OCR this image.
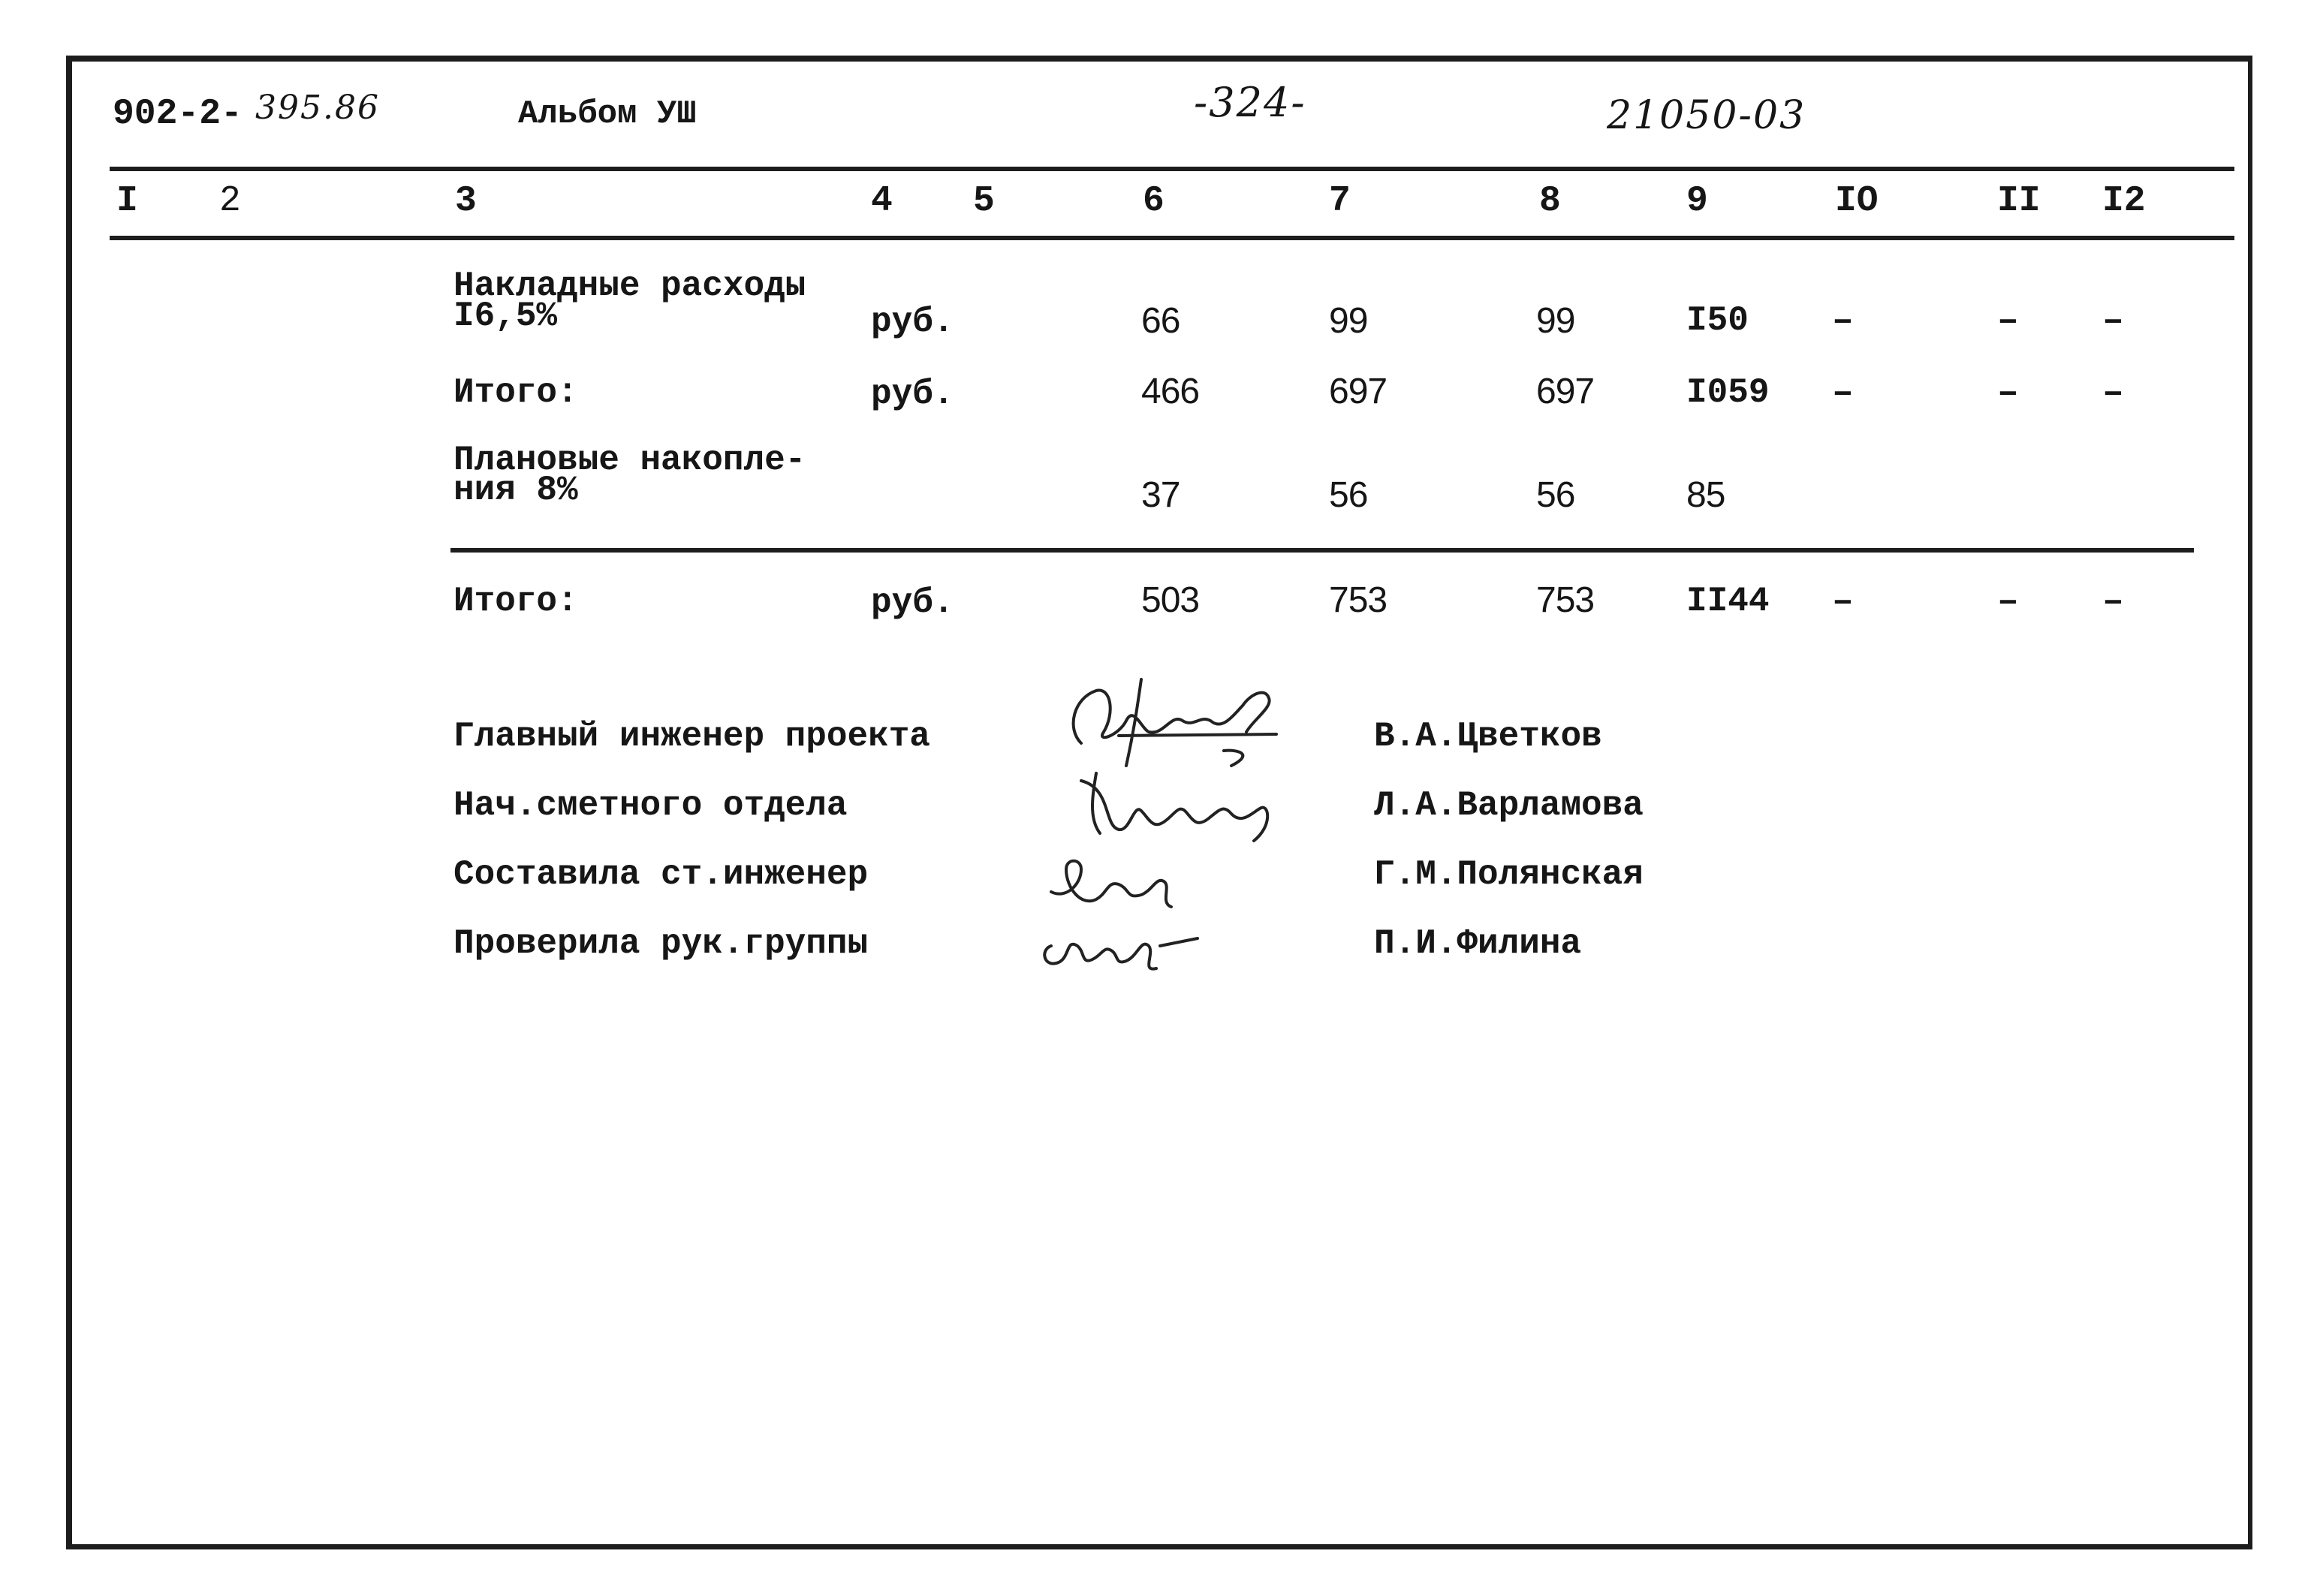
902-2- 395.86	Альбом УШ	-324-	21050-03
I 2	3	4 5	6	7	8	9	IO	II I2
Накладные расходы
I6,5%	руб.	66	99	99	I50 –	– –
Итого:	руб.	466	697	697	I059 –	– –
Плановые накопле-
ния 8%	37	56	56	85
Итого:	руб.	503	753	753	II44 –	– –
Главный инженер проекта	В.А.Цветков
Нач.сметного отдела	Л.А.Варламова
Составила ст.инженер	Г.М.Полянская
Проверила рук.группы	П.И.Филина
